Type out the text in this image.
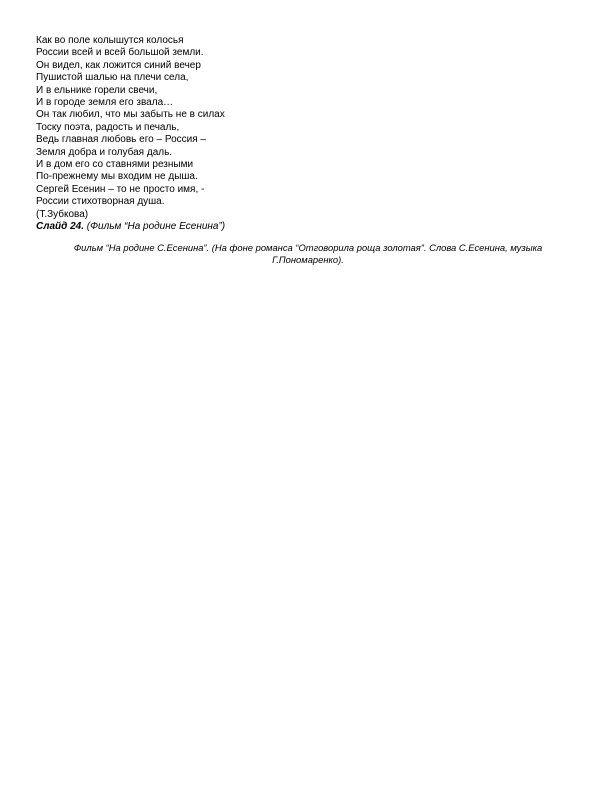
Как во поле колышутся колосья
России всей и всей большой земли.
Он видел, как ложится синий вечер
Пушистой шалью на плечи села,
И в ельнике горели свечи,
И в городе земля его звала…
Он так любил, что мы забыть не в силах
Тоску поэта, радость и печаль,
Ведь главная любовь его – Россия –
Земля добра и голубая даль.
И в дом его со ставнями резными
По-прежнему мы входим не дыша.
Сергей Есенин – то не просто имя, -
России стихотворная душа.
(Т.Зубкова)
Слайд 24. (Фильм “На родине Есенина”)
Фильм “На родине С.Есенина”. (На фоне романса “Отговорила роща золотая”. Слова С.Есенина, музыка Г.Пономаренко).
